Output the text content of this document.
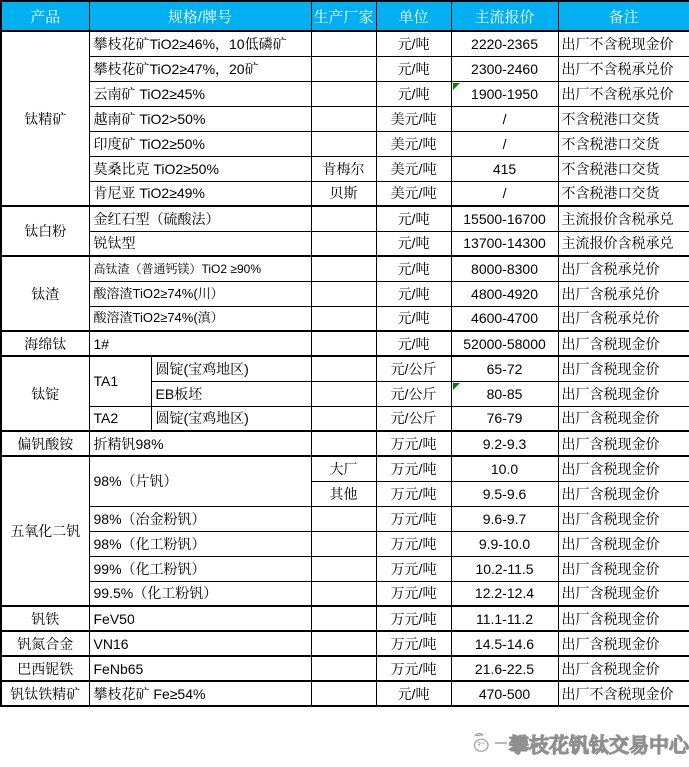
产品	规格/牌号		生产厂家	单位	主流报价	备注
钛精矿	攀枝花矿TiO2≥46%，10低磷矿			元/吨	2220-2365	出厂不含税现金价
	攀枝花矿TiO2≥47%，20矿			元/吨	2300-2460	出厂不含税承兑价
	云南矿 TiO2≥45%			元/吨	1900-1950	出厂不含税承兑价
	越南矿 TiO2>50%			美元/吨	/	不含税港口交货
	印度矿 TiO2≥50%			美元/吨	/	不含税港口交货
	莫桑比克 TiO2≥50%		肯梅尔	美元/吨	415	不含税港口交货
	肯尼亚 TiO2≥49%		贝斯	美元/吨	/	不含税港口交货
钛白粉	金红石型（硫酸法）			元/吨	15500-16700	主流报价含税承兑
	锐钛型			元/吨	13700-14300	主流报价含税承兑
钛渣	高钛渣（普通钙镁）TiO2 ≥90%			元/吨	8000-8300	出厂含税承兑价
	酸溶渣TiO2≥74%(川）			元/吨	4800-4920	出厂含税承兑价
	酸溶渣TiO2≥74%(滇）			元/吨	4600-4700	出厂含税承兑价
海绵钛	1#			元/吨	52000-58000	出厂含税现金价
钛锭	TA1	圆锭(宝鸡地区)		元/公斤	65-72	出厂含税现金价
		EB板坯		元/公斤	80-85	出厂含税现金价
	TA2	圆锭(宝鸡地区)		元/公斤	76-79	出厂含税现金价
偏钒酸铵	折精钒98%			万元/吨	9.2-9.3	出厂含税现金价
五氧化二钒	98%（片钒）		大厂	万元/吨	10.0	出厂含税现金价
			其他	万元/吨	9.5-9.6	出厂含税现金价
	98%（冶金粉钒）			万元/吨	9.6-9.7	出厂含税现金价
	98%（化工粉钒）			万元/吨	9.9-10.0	出厂含税现金价
	99%（化工粉钒）			万元/吨	10.2-11.5	出厂含税现金价
	99.5%（化工粉钒）			万元/吨	12.2-12.4	出厂含税现金价
钒铁	FeV50			万元/吨	11.1-11.2	出厂含税现金价
钒氮合金	VN16			万元/吨	14.5-14.6	出厂含税现金价
巴西铌铁	FeNb65			万元/吨	21.6-22.5	出厂含税现金价
钒钛铁精矿	攀枝花矿 Fe≥54%			元/吨	470-500	出厂不含税现金价
攀枝花钒钛交易中心
